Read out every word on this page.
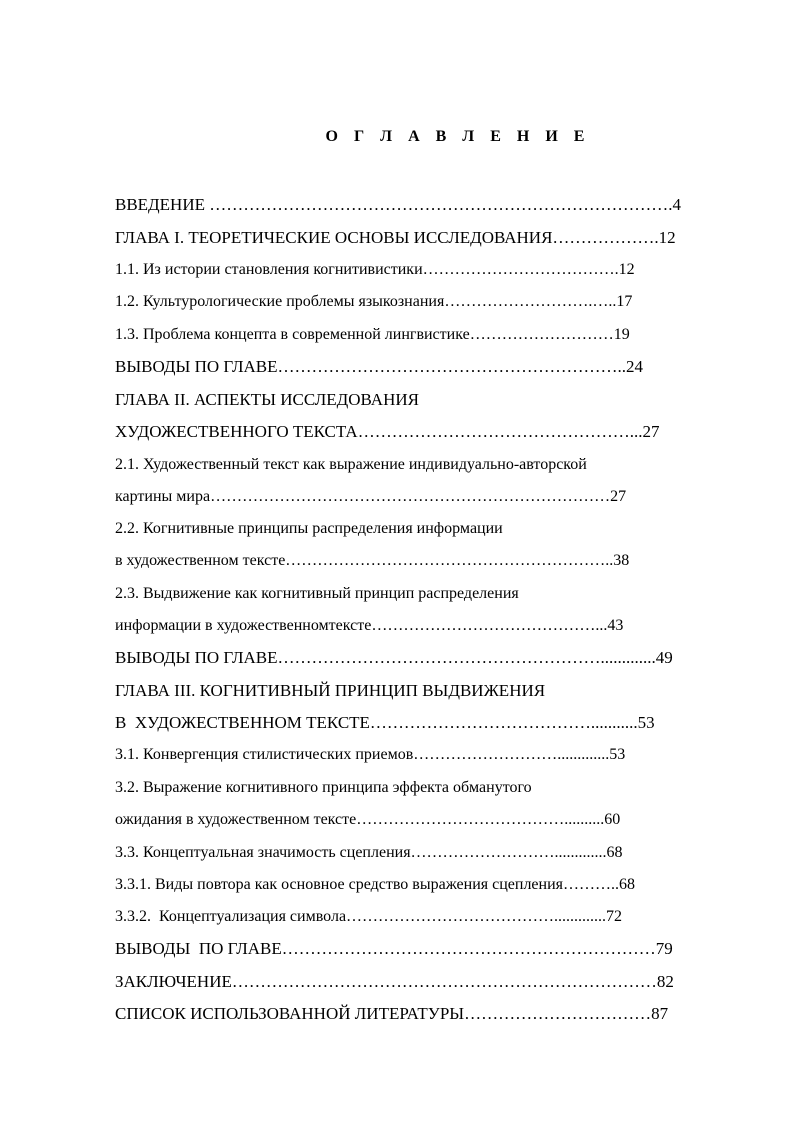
О Г Л А В Л Е Н И Е
ВВЕДЕНИЕ ……………………………………………………………………….4
ГЛАВА I. ТЕОРЕТИЧЕСКИЕ ОСНОВЫ ИССЛЕДОВАНИЯ……………….12
1.1. Из истории становления когнитивистики……………………………….12
1.2. Культурологические проблемы языкознания……………………….…..17
1.3. Проблема концепта в современной лингвистике………………………19
ВЫВОДЫ ПО ГЛАВЕ……………………………………………………..24
ГЛАВА II. АСПЕКТЫ ИССЛЕДОВАНИЯ
ХУДОЖЕСТВЕННОГО ТЕКСТА…………………………………………...27
2.1. Художественный текст как выражение индивидуально-авторской
картины мира…………………………………………………………………27
2.2. Когнитивные принципы распределения информации
в художественном тексте……………………………………………………..38
2.3. Выдвижение как когнитивный принцип распределения
информации в художественномтексте……………………………………...43
ВЫВОДЫ ПО ГЛАВЕ………………………………………………….............49
ГЛАВА III. КОГНИТИВНЫЙ ПРИНЦИП ВЫДВИЖЕНИЯ
В  ХУДОЖЕСТВЕННОМ ТЕКСТЕ…………………………………...........53
3.1. Конвергенция стилистических приемов……………………….............53
3.2. Выражение когнитивного принципа эффекта обманутого
ожидания в художественном тексте…………………………………..........60
3.3. Концептуальная значимость сцепления……………………….............68
3.3.1. Виды повтора как основное средство выражения сцепления………..68
3.3.2.  Концептуализация символа………………………………….............72
ВЫВОДЫ  ПО ГЛАВЕ…………………………………………………………79
ЗАКЛЮЧЕНИЕ…………………………………………………………………82
СПИСОК ИСПОЛЬЗОВАННОЙ ЛИТЕРАТУРЫ……………………………87
